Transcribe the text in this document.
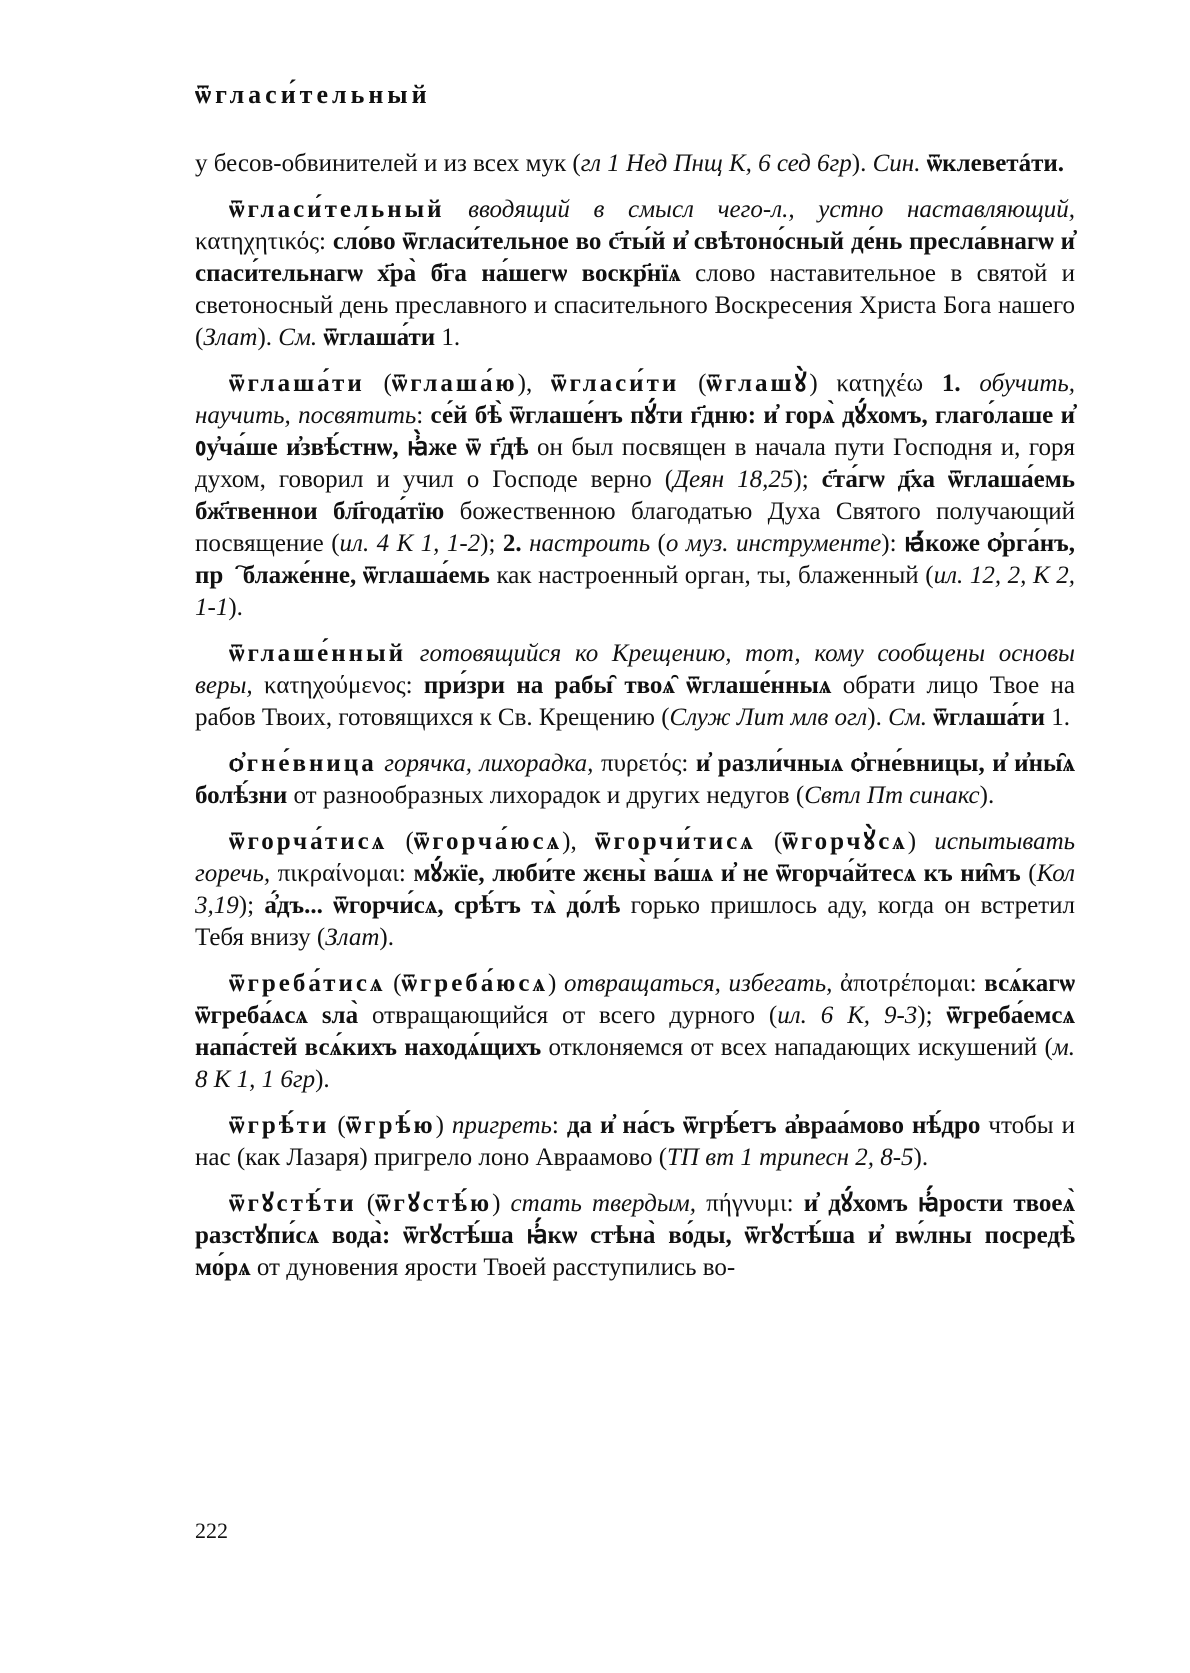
ѿгласи́тельный

у бесов-обвинителей и из всех мук (гл 1 Нед Пнщ К, 6 сед 6гр). Син. ѿклеветáти.

ѿгласи́тельный вводящий в смысл чего-л., устно наставляющий, κατηχητικός: сло́во ѿгласи́тельное во с҃ты́й и҆ свѣтоно́сный де́нь пресла́внагѡ и҆ спаси́тельнагѡ х҃ра̀ б҃га на́шегѡ воскр҃нїѧ слово наставительное в святой и светоносный день преславного и спасительного Воскресения Христа Бога нашего (Злат). См. ѿглаша́ти 1.

ѿглаша́ти (ѿглаша́ю), ѿгласи́ти (ѿглашꙋ̀) κατηχέω 1. обучить, научить, посвятить: се́й бѣ̀ ѿглаше́нъ пꙋ́ти г҃дню: и҆ горѧ̀ дꙋ́хомъ, глаго́лаше и҆ ᲂу҆ча́ше и҆звѣ́стнѡ, ꙗ҆̀же ѿ г҃дѣ он был посвящен в начала пути Господня и, горя духом, говорил и учил о Господе верно (Деян 18,25); с҃та́гѡ д҃ха ѿглаша́емь бж҃твеннои бл҃года́тїю божественною благодатью Духа Святого получающий посвящение (ил. 4 К 1, 1-2); 2. настроить (о муз. инструменте): ꙗ҆́коже ѻ҆рга́нъ, прⷭ҇блаже́нне, ѿглаша́емь как настроенный орган, ты, блаженный (ил. 12, 2, К 2, 1-1).

ѿглаше́нный готовящийся ко Крещению, тот, кому сообщены основы веры, κατηχούμενος: при́зри на рабы̑ твоѧ̑ ѿглаше́нныѧ обрати лицо Твое на рабов Твоих, готовящихся к Св. Крещению (Служ Лит млв огл). См. ѿглаша́ти 1.

ѻ҆гне́вница горячка, лихорадка, πυρετός: и҆ разли́чныѧ ѻ҆гне́вницы, и҆ и҆ны̑ѧ болѣ́зни от разнообразных лихорадок и других недугов (Свтл Пт синакс).

ѿгорча́тисѧ (ѿгорча́юсѧ), ѿгорчи́тисѧ (ѿгорчꙋ̀сѧ) испытывать горечь, πικραίνομαι: мꙋ́жїе, люби́те жєны̀ ва́шѧ и҆ не ѿгорча́йтесѧ къ ни̑мъ (Кол 3,19); а҆́дъ... ѿгорчи́сѧ, срѣ́тъ тѧ̀ до́лѣ горько пришлось аду, когда он встретил Тебя внизу (Злат).

ѿгреба́тисѧ (ѿгреба́юсѧ) отвращаться, избегать, ἀποτρέπομαι: всѧ́кагѡ ѿгреба́ѧсѧ ѕла̀ отвращающийся от всего дурного (ил. 6 К, 9-3); ѿгреба́емсѧ напа́стей всѧ́кихъ находѧ́щихъ отклоняемся от всех нападающих искушений (м. 8 К 1, 1 6гр).

ѿгрѣ́ти (ѿгрѣ́ю) пригреть: да и҆ на́съ ѿгрѣ́етъ а҆враа́мово нѣ́дро чтобы и нас (как Лазаря) пригрело лоно Авраамово (ТП вт 1 трипесн 2, 8-5).

ѿгꙋстѣ́ти (ѿгꙋстѣ́ю) стать твердым, πήγνυμι: и҆ дꙋ́хомъ ꙗ҆́рости твоеѧ̀ разстꙋпи́сѧ вода̀: ѿгꙋстѣ́ша ꙗ҆́кѡ стѣна̀ во́ды, ѿгꙋстѣ́ша и҆ вѡ́лны посредѣ̀ мо́рѧ от дуновения ярости Твоей расступились во-

222
